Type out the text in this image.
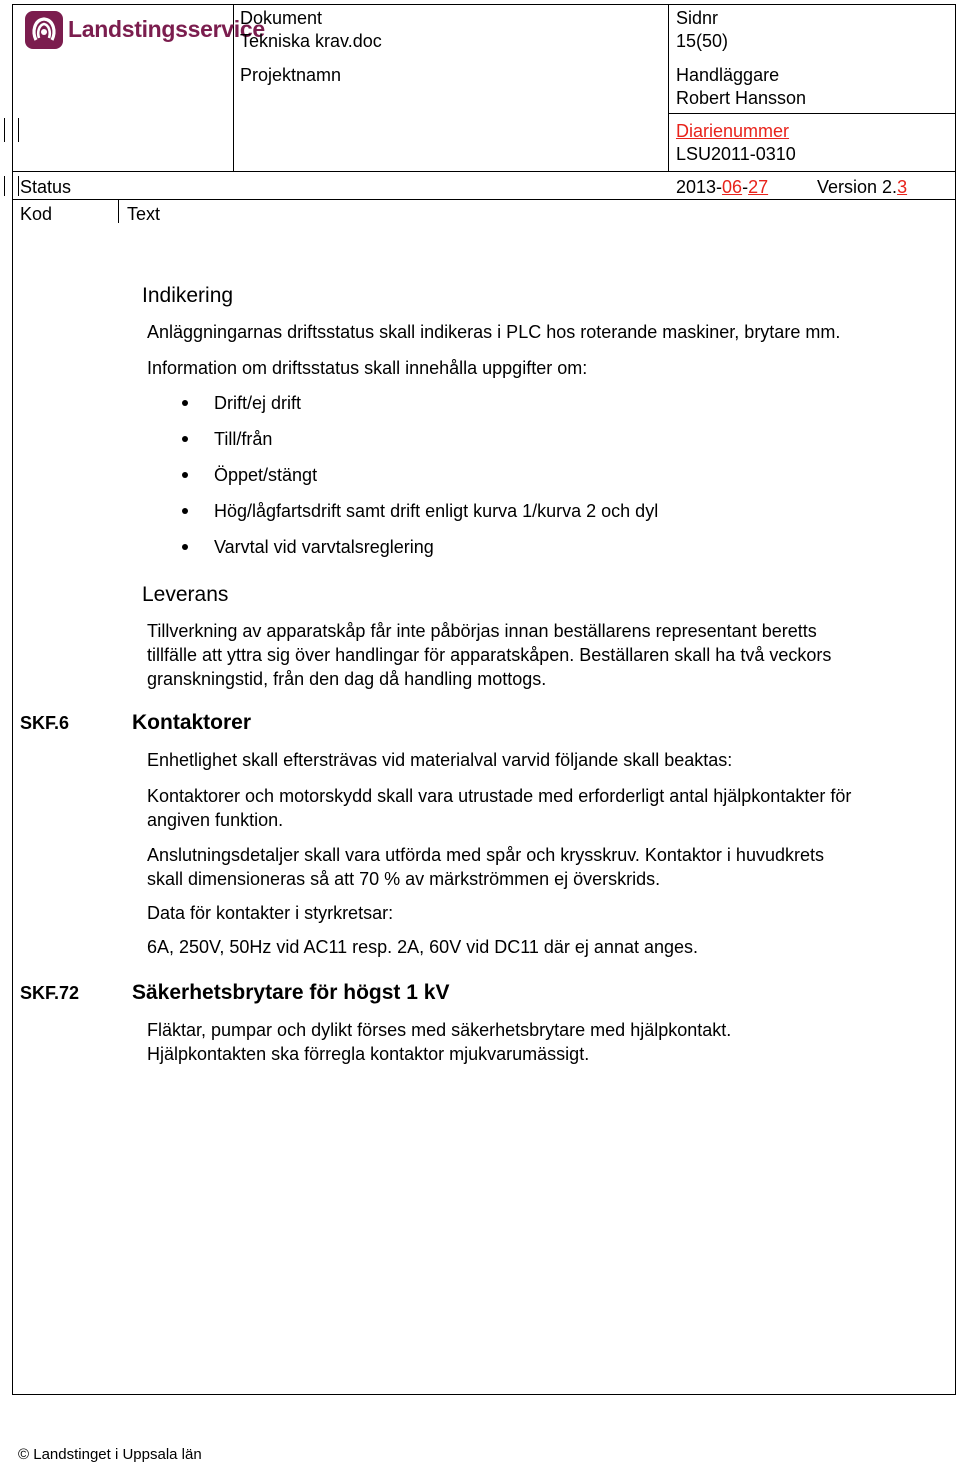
Landstingsservice
Dokument
Tekniska krav.doc
Projektnamn
Sidnr
15(50)
Handläggare
Robert Hansson
Diarienummer
LSU2011-0310
Status	2013-06-27	Version 2.3
Kod	Text
Indikering
Anläggningarnas driftsstatus skall indikeras i PLC hos roterande maskiner, brytare mm.
Information om driftsstatus skall innehålla uppgifter om:
Drift/ej drift
Till/från
Öppet/stängt
Hög/lågfartsdrift samt drift enligt kurva 1/kurva 2 och dyl
Varvtal vid varvtalsreglering
Leverans
Tillverkning av apparatskåp får inte påbörjas innan beställarens representant beretts
tillfälle att yttra sig över handlingar för apparatskåpen. Beställaren skall ha två veckors
granskningstid, från den dag då handling mottogs.
SKF.6	Kontaktorer
Enhetlighet skall eftersträvas vid materialval varvid följande skall beaktas:
Kontaktorer och motorskydd skall vara utrustade med erforderligt antal hjälpkontakter för
angiven funktion.
Anslutningsdetaljer skall vara utförda med spår och krysskruv. Kontaktor i huvudkrets
skall dimensioneras så att 70 % av märkströmmen ej överskrids.
Data för kontakter i styrkretsar:
6A, 250V, 50Hz vid AC11 resp. 2A, 60V vid DC11 där ej annat anges.
SKF.72	Säkerhetsbrytare för högst 1 kV
Fläktar, pumpar och dylikt förses med säkerhetsbrytare med hjälpkontakt.
Hjälpkontakten ska förregla kontaktor mjukvarumässigt.
© Landstinget i Uppsala län
